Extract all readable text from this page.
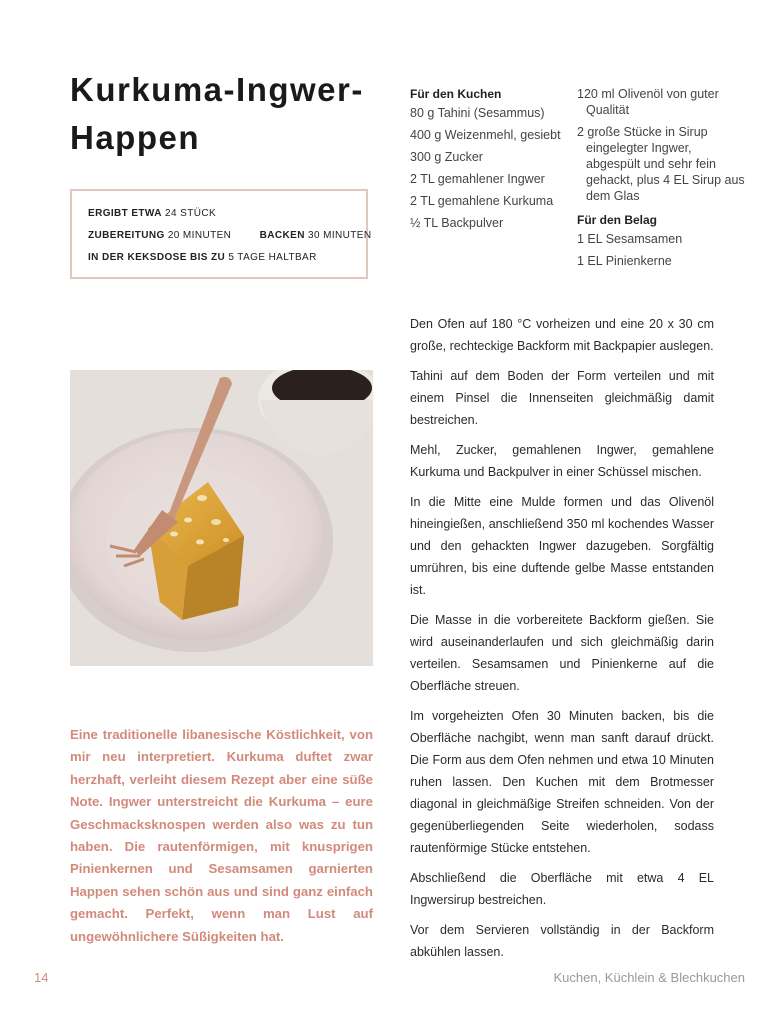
Kurkuma-Ingwer-
Happen
ERGIBT ETWA 24 STÜCK
ZUBEREITUNG 20 MINUTEN	BACKEN 30 MINUTEN
IN DER KEKSDOSE BIS ZU 5 TAGE HALTBAR
Für den Kuchen
80 g Tahini (Sesammus)
400 g Weizenmehl, gesiebt
300 g Zucker
2 TL gemahlener Ingwer
2 TL gemahlene Kurkuma
½ TL Backpulver
120 ml Olivenöl von guter Qualität
2 große Stücke in Sirup eingelegter Ingwer, abgespült und sehr fein gehackt, plus 4 EL Sirup aus dem Glas
Für den Belag
1 EL Sesamsamen
1 EL Pinienkerne

Eine traditionelle libanesische Köstlichkeit, von mir neu interpretiert. Kurkuma duftet zwar herzhaft, verleiht diesem Rezept aber eine süße Note. Ingwer unterstreicht die Kurkuma – eure Geschmacksknospen werden also was zu tun haben. Die rautenförmigen, mit knusprigen Pinienkernen und Sesamsamen garnierten Happen sehen schön aus und sind ganz einfach gemacht. Perfekt, wenn man Lust auf ungewöhnlichere Süßigkeiten hat.

Den Ofen auf 180 °C vorheizen und eine 20 x 30 cm große, rechteckige Backform mit Backpapier auslegen.

Tahini auf dem Boden der Form verteilen und mit einem Pinsel die Innenseiten gleichmäßig damit bestreichen.

Mehl, Zucker, gemahlenen Ingwer, gemahlene Kurkuma und Backpulver in einer Schüssel mischen.

In die Mitte eine Mulde formen und das Olivenöl hineingießen, anschließend 350 ml kochendes Wasser und den gehackten Ingwer dazugeben. Sorgfältig umrühren, bis eine duftende gelbe Masse entstanden ist.

Die Masse in die vorbereitete Backform gießen. Sie wird auseinanderlaufen und sich gleichmäßig darin verteilen. Sesamsamen und Pinienkerne auf die Oberfläche streuen.

Im vorgeheizten Ofen 30 Minuten backen, bis die Oberfläche nachgibt, wenn man sanft darauf drückt. Die Form aus dem Ofen nehmen und etwa 10 Minuten ruhen lassen. Den Kuchen mit dem Brotmesser diagonal in gleichmäßige Streifen schneiden. Von der gegenüberliegenden Seite wiederholen, sodass rautenförmige Stücke entstehen.

Abschließend die Oberfläche mit etwa 4 EL Ingwersirup bestreichen.

Vor dem Servieren vollständig in der Backform abkühlen lassen.

14	Kuchen, Küchlein & Blechkuchen
